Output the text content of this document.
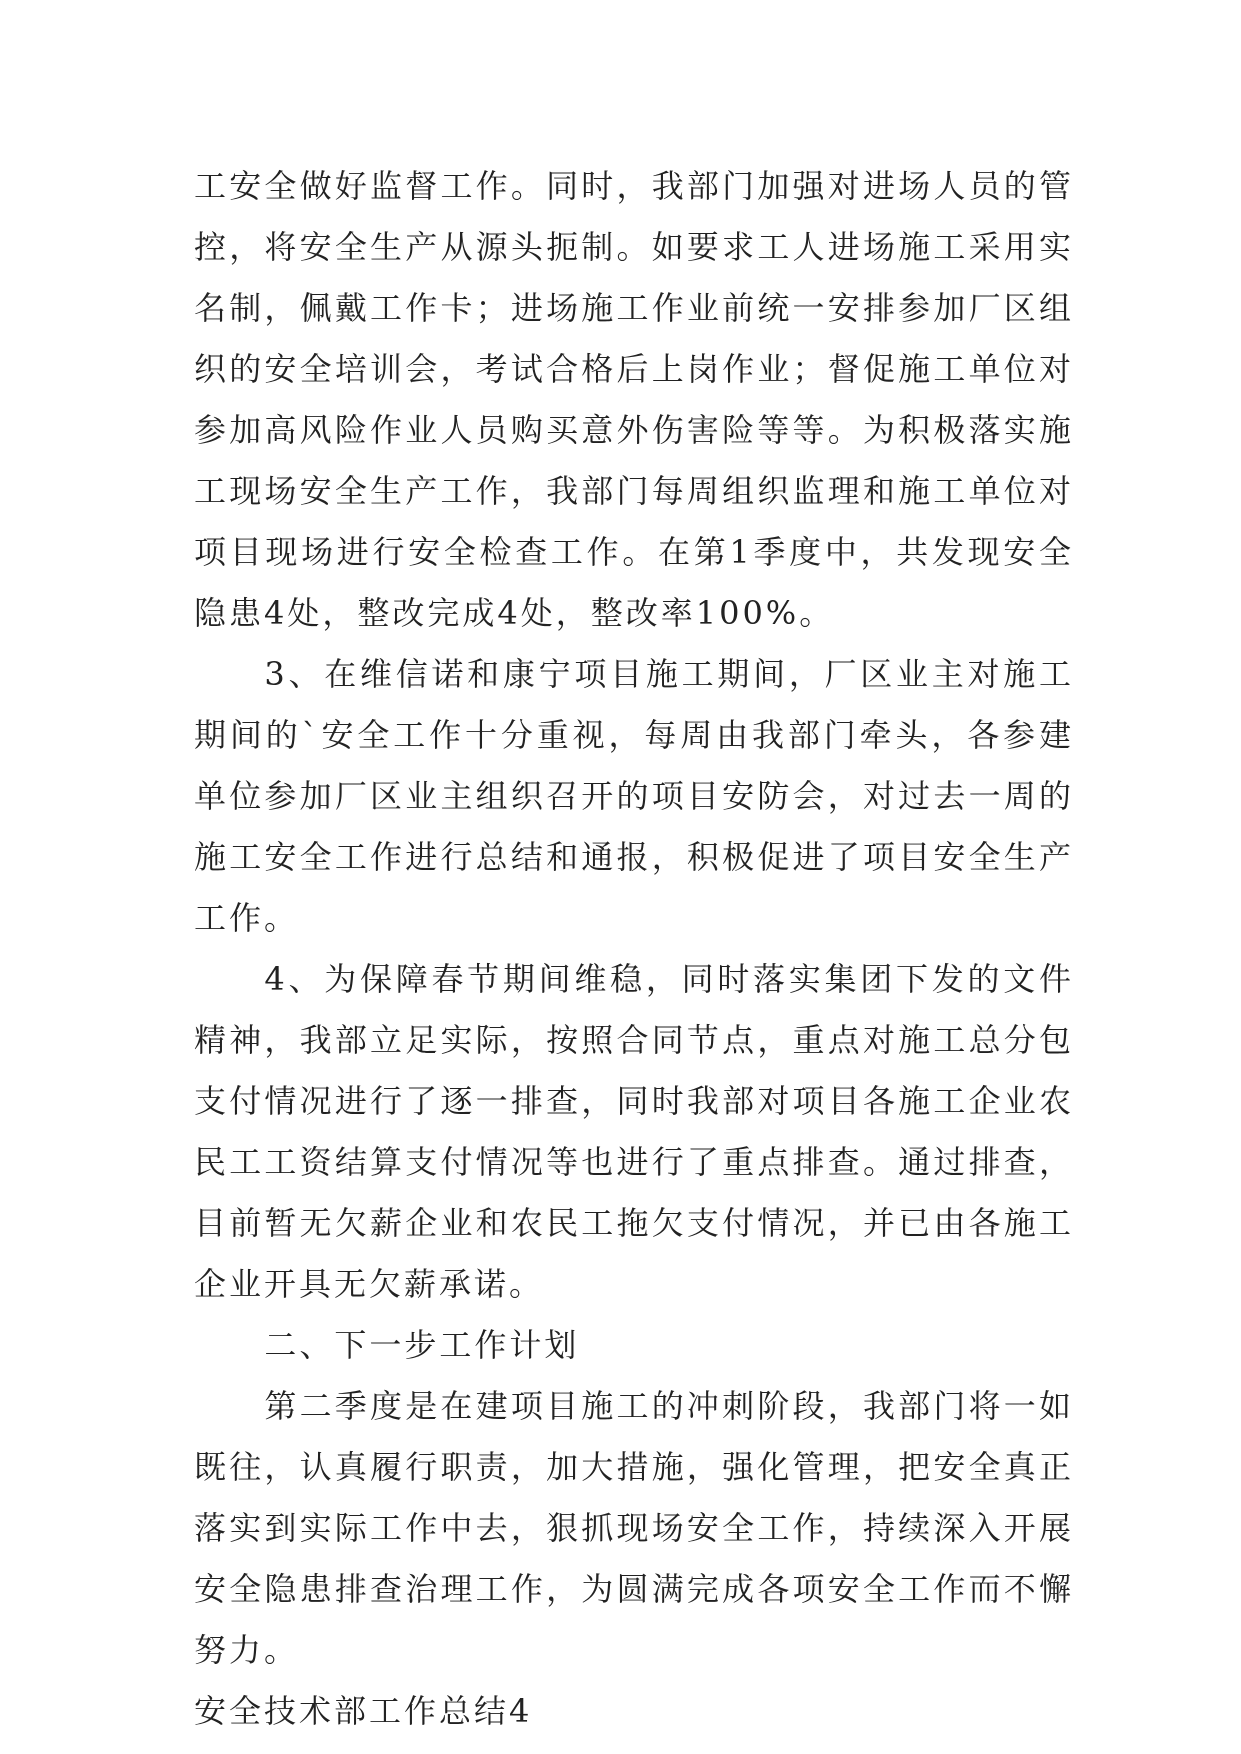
工安全做好监督工作。同时，我部门加强对进场人员的管控，将安全生产从源头扼制。如要求工人进场施工采用实名制，佩戴工作卡；进场施工作业前统一安排参加厂区组织的安全培训会，考试合格后上岗作业；督促施工单位对参加高风险作业人员购买意外伤害险等等。为积极落实施工现场安全生产工作，我部门每周组织监理和施工单位对项目现场进行安全检查工作。在第1季度中，共发现安全隐患4处，整改完成4处，整改率100%。

3、在维信诺和康宁项目施工期间，厂区业主对施工期间的`安全工作十分重视，每周由我部门牵头，各参建单位参加厂区业主组织召开的项目安防会，对过去一周的施工安全工作进行总结和通报，积极促进了项目安全生产工作。

4、为保障春节期间维稳，同时落实集团下发的文件精神，我部立足实际，按照合同节点，重点对施工总分包支付情况进行了逐一排查，同时我部对项目各施工企业农民工工资结算支付情况等也进行了重点排查。通过排查，目前暂无欠薪企业和农民工拖欠支付情况，并已由各施工企业开具无欠薪承诺。

二、下一步工作计划

第二季度是在建项目施工的冲刺阶段，我部门将一如既往，认真履行职责，加大措施，强化管理，把安全真正落实到实际工作中去，狠抓现场安全工作，持续深入开展安全隐患排查治理工作，为圆满完成各项安全工作而不懈努力。

安全技术部工作总结4
